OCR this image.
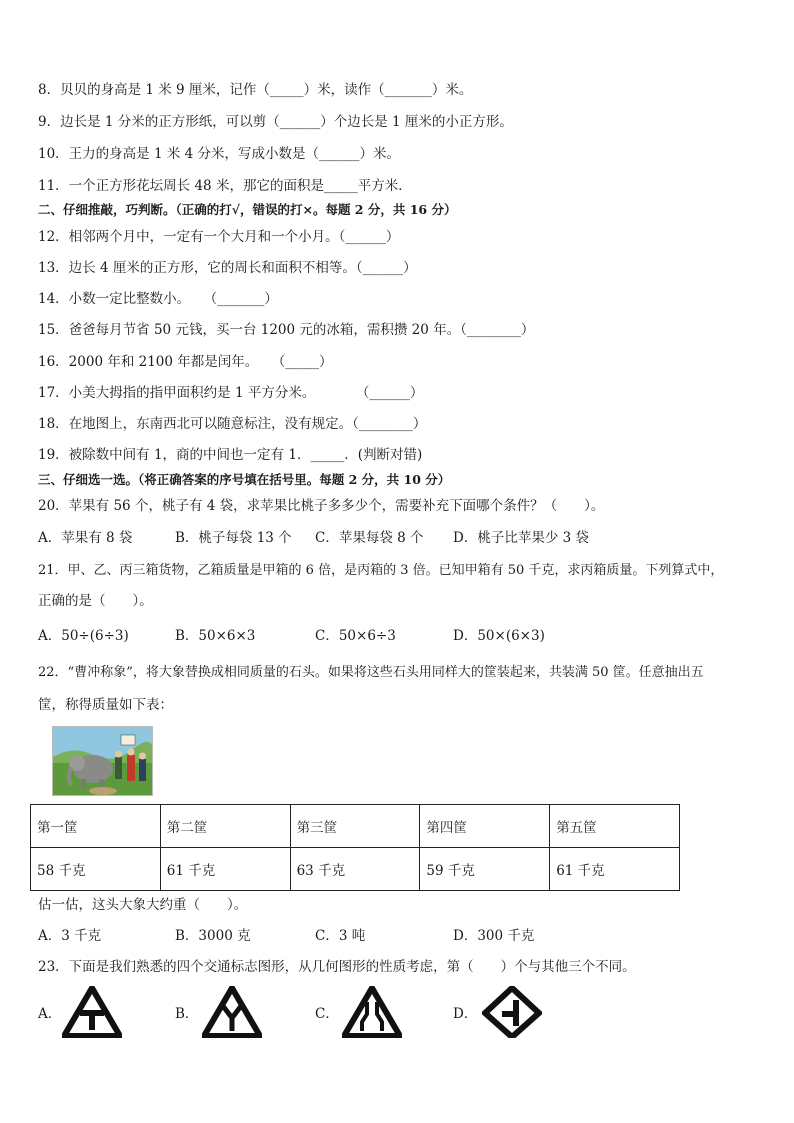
8．贝贝的身高是 1 米 9 厘米，记作（_____）米，读作（_______）米。
9．边长是 1 分米的正方形纸，可以剪（______）个边长是 1 厘米的小正方形。
10．王力的身高是 1 米 4 分米，写成小数是（______）米。
11．一个正方形花坛周长 48 米，那它的面积是_____平方米．
二、仔细推敲，巧判断。（正确的打√，错误的打×。每题 2 分，共 16 分）
12．相邻两个月中，一定有一个大月和一个小月。（______）
13．边长 4 厘米的正方形，它的周长和面积不相等。（______）
14．小数一定比整数小。　　（_______）
15．爸爸每月节省 50 元钱，买一台 1200 元的冰箱，需积攒 20 年。（________）
16．2000 年和 2100 年都是闰年。　　（_____）
17．小美大拇指的指甲面积约是 1 平方分米。　　　　（______）
18．在地图上，东南西北可以随意标注，没有规定。（________）
19．被除数中间有 1，商的中间也一定有 1．_____．(判断对错)
三、仔细选一选。（将正确答案的序号填在括号里。每题 2 分，共 10 分）
20．苹果有 56 个，桃子有 4 袋，求苹果比桃子多多少个，需要补充下面哪个条件？（　　）。
A．苹果有 8 袋	B．桃子每袋 13 个 C．苹果每袋 8 个 D．桃子比苹果少 3 袋
21．甲、乙、丙三箱货物，乙箱质量是甲箱的 6 倍，是丙箱的 3 倍。已知甲箱有 50 千克，求丙箱质量。下列算式中，
正确的是（　　）。
A．50÷(6÷3)	B．50×6×3	C．50×6÷3	D．50×(6×3)
22．“曹冲称象”，将大象替换成相同质量的石头。如果将这些石头用同样大的筐装起来，共装满 50 筐。任意抽出五
筐，称得质量如下表：
第一筐	第二筐	第三筐	第四筐	第五筐
58 千克	61 千克	63 千克	59 千克	61 千克
估一估，这头大象大约重（　　）。
A．3 千克	B．3000 克	C．3 吨	D．300 千克
23．下面是我们熟悉的四个交通标志图形，从几何图形的性质考虑，第（　　）个与其他三个不同。
A．	B．	C．	D．
